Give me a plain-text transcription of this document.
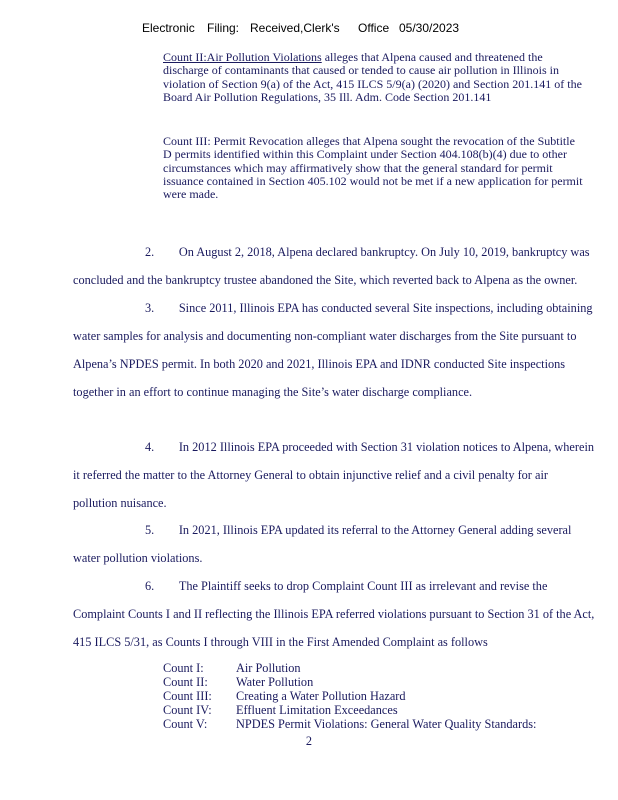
Electronic Filing: Received,Clerk's Office 05/30/2023
Count II:Air Pollution Violations alleges that Alpena caused and threatened the discharge of contaminants that caused or tended to cause air pollution in Illinois in violation of Section 9(a) of the Act, 415 ILCS 5/9(a) (2020) and Section 201.141 of the Board Air Pollution Regulations, 35 Ill. Adm. Code Section 201.141
Count III: Permit Revocation alleges that Alpena sought the revocation of the Subtitle D permits identified within this Complaint under Section 404.108(b)(4) due to other circumstances which may affirmatively show that the general standard for permit issuance contained in Section 405.102 would not be met if a new application for permit were made.

2. On August 2, 2018, Alpena declared bankruptcy. On July 10, 2019, bankruptcy was concluded and the bankruptcy trustee abandoned the Site, which reverted back to Alpena as the owner.

3. Since 2011, Illinois EPA has conducted several Site inspections, including obtaining water samples for analysis and documenting non-compliant water discharges from the Site pursuant to Alpena’s NPDES permit. In both 2020 and 2021, Illinois EPA and IDNR conducted Site inspections together in an effort to continue managing the Site’s water discharge compliance.

4. In 2012 Illinois EPA proceeded with Section 31 violation notices to Alpena, wherein it referred the matter to the Attorney General to obtain injunctive relief and a civil penalty for air pollution nuisance.

5. In 2021, Illinois EPA updated its referral to the Attorney General adding several water pollution violations.

6. The Plaintiff seeks to drop Complaint Count III as irrelevant and revise the Complaint Counts I and II reflecting the Illinois EPA referred violations pursuant to Section 31 of the Act, 415 ILCS 5/31, as Counts I through VIII in the First Amended Complaint as follows

Count I:	Air Pollution
Count II:	Water Pollution
Count III:	Creating a Water Pollution Hazard
Count IV:	Effluent Limitation Exceedances
Count V:	NPDES Permit Violations: General Water Quality Standards:
2
